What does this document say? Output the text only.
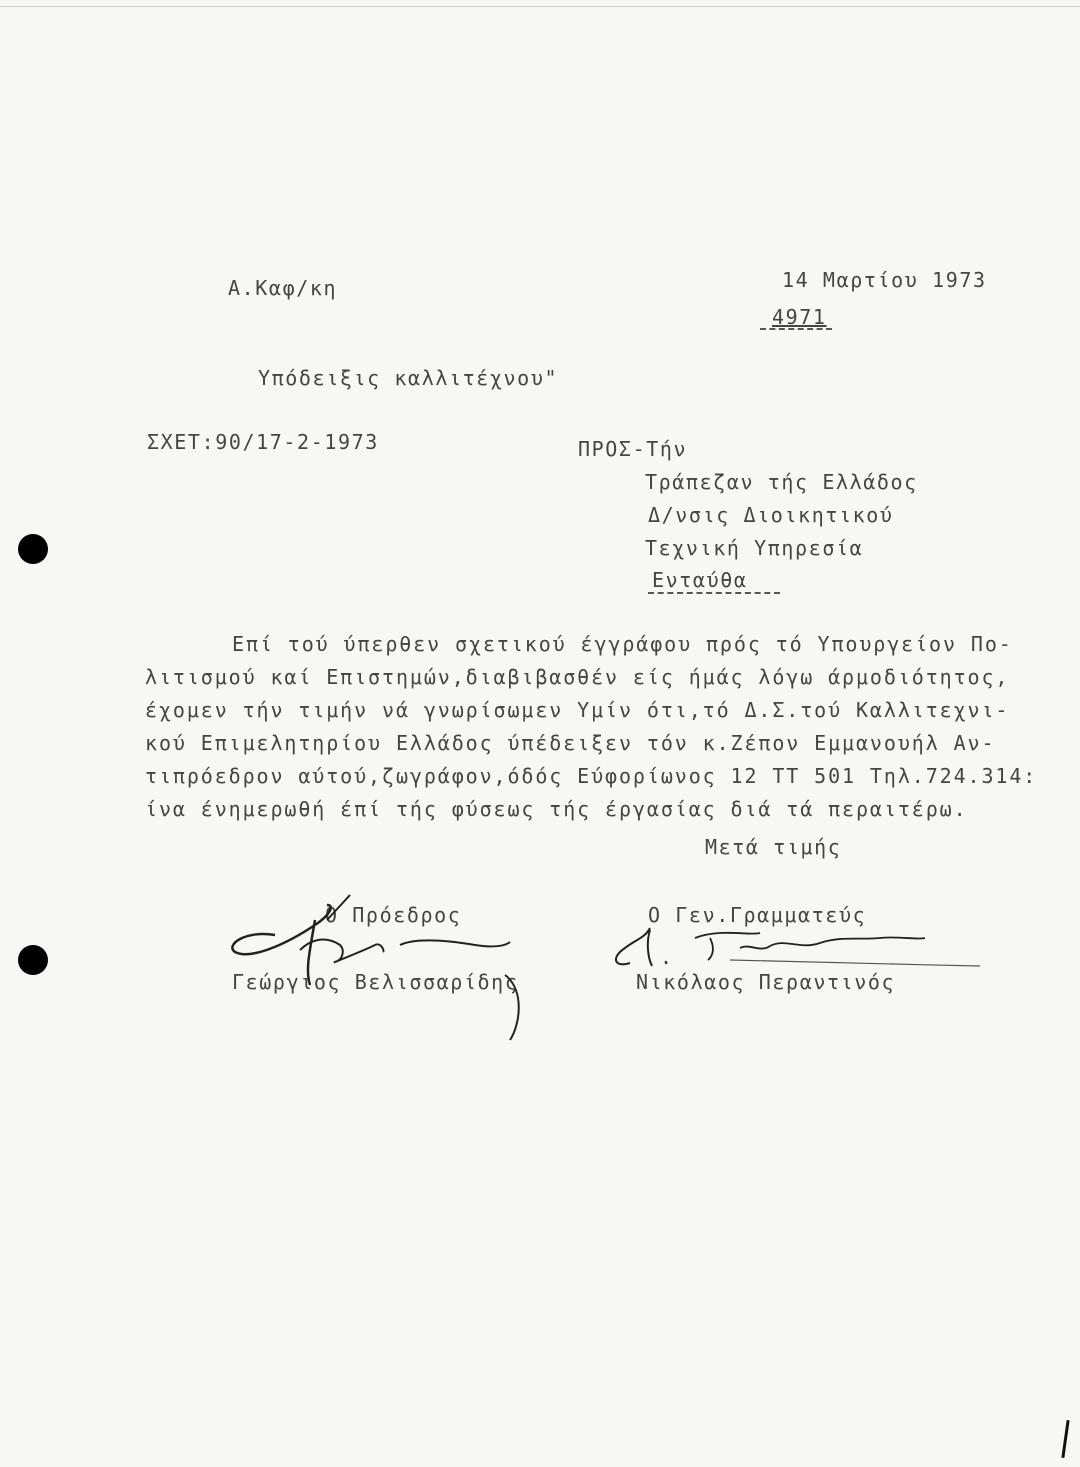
Α.Καφ/κη	14 Μαρτίου 1973
4971
Υπόδειξις καλλιτέχνου"
ΣΧΕΤ:90/17-2-1973	ΠΡΟΣ-Τήν
Τράπεζαν τής Ελλάδος
Δ/νσις Διοικητικού
Τεχνική Υπηρεσία
Ενταύθα
Επί τού ύπερθεν σχετικού έγγράφου πρός τό Υπουργείον Πο-
λιτισμού καί Επιστημών,διαβιβασθέν είς ήμάς λόγω άρμοδιότητος,
έχομεν τήν τιμήν νά γνωρίσωμεν Υμίν ότι,τό Δ.Σ.τού Καλλιτεχνι-
κού Επιμελητηρίου Ελλάδος ύπέδειξεν τόν κ.Ζέπον Εμμανουήλ Αν-
τιπρόεδρον αύτού,ζωγράφον,όδός Εύφορίωνος 12 ΤΤ 501 Τηλ.724.314:
ίνα ένημερωθή έπί τής φύσεως τής έργασίας διά τά περαιτέρω.
Μετά τιμής
Ο Πρόεδρος
Γεώργιος Βελισσαρίδης
Ο Γεν.Γραμματεύς
Νικόλαος Περαντινός
